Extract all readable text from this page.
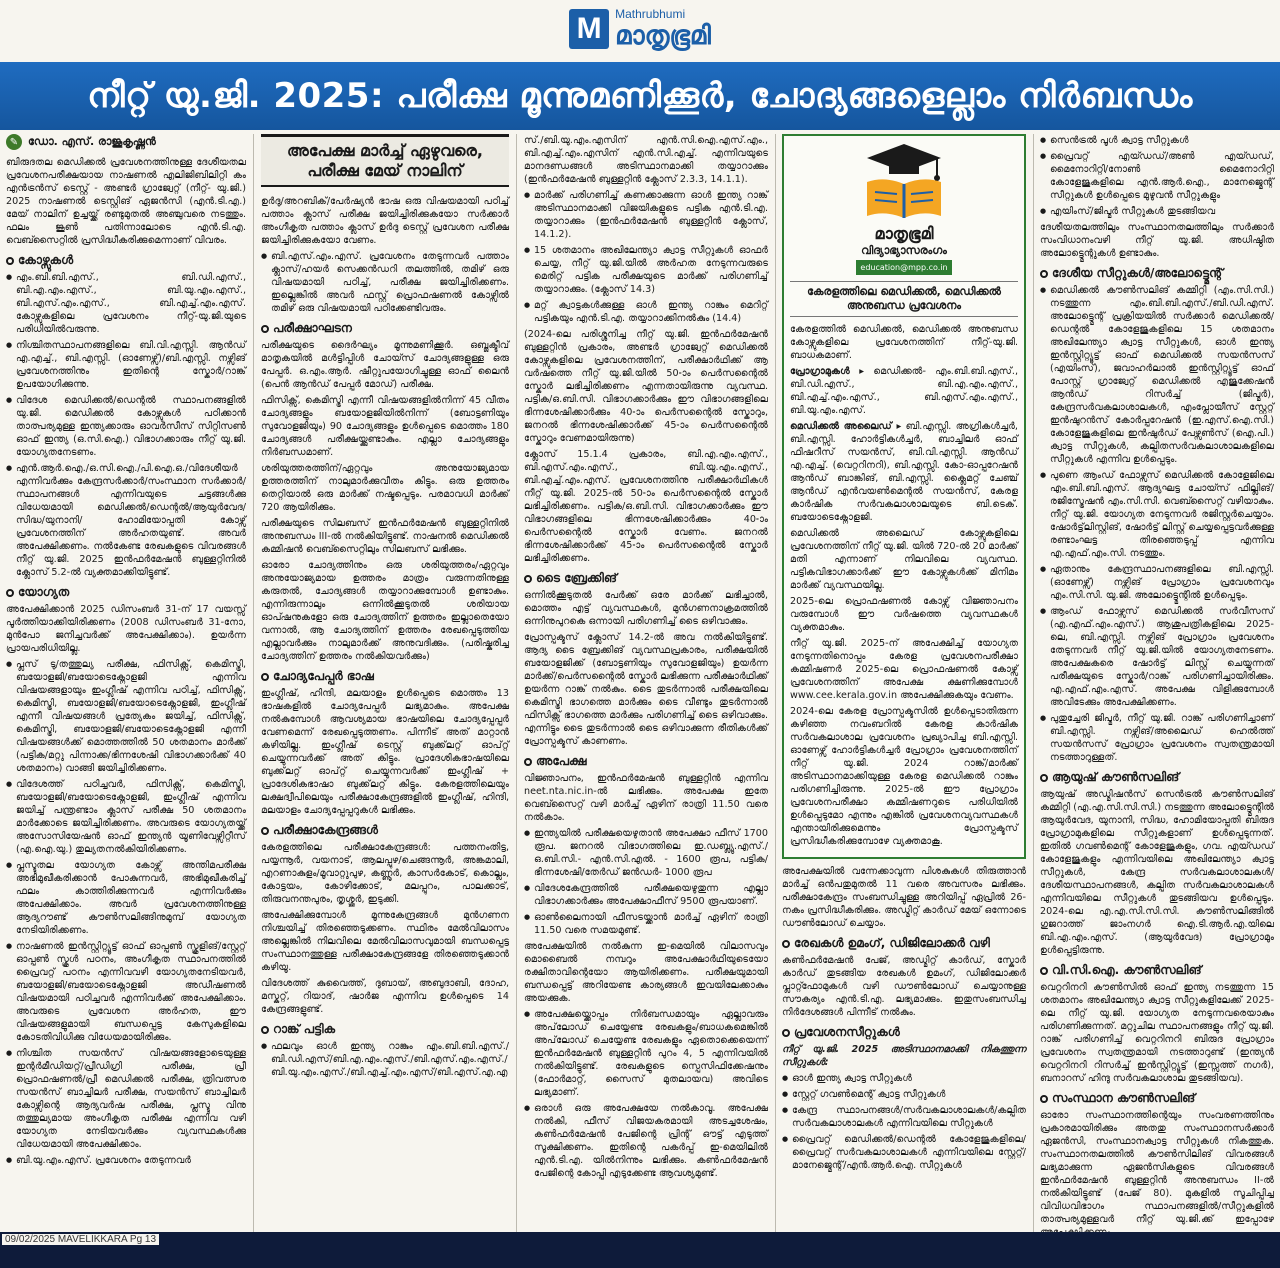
M	Mathrubhumi
മാതൃഭൂമി
നീറ്റ് യു.ജി. 2025: പരീക്ഷ മൂന്നുമണിക്കൂർ, ചോദ്യങ്ങളെല്ലാം നിർബന്ധം
✎ ഡോ. എസ്. രാജൂകൃഷ്ണൻ

ബിരുദതല മെഡിക്കൽ പ്രവേശനത്തിനുള്ള ദേശീയതല പ്രവേശനപരീക്ഷയായ നാഷണൽ എലിജിബിലിറ്റി കം എൻട്രൻസ് ടെസ്റ്റ് - അണ്ടർ ഗ്രാജ്വേറ്റ് (നീറ്റ്- യു.ജി.) 2025 നാഷണൽ ടെസ്റ്റിങ് ഏജൻസി (എൻ.ടി.എ.) മേയ് നാലിന് ഉച്ചയ്ക്ക് രണ്ടുമുതൽ അഞ്ചുവരെ നടത്തും. ഫലം ജൂൺ പതിന്നാലോടെ എൻ.ടി.എ. വെബ്സൈറ്റിൽ പ്രസിദ്ധീകരിക്കുമെന്നാണ് വിവരം.

കോഴ്സുകൾ

● എം.ബി.ബി.എസ്., ബി.ഡി.എസ്., ബി.എ.എം.എസ്., ബി.യു.എം.എസ്., ബി.എസ്.എം.എസ്., ബി.എച്ച്.എം.എസ്. കോഴ്സുകളിലെ പ്രവേശനം നീറ്റ്-യു.ജി.യുടെ പരിധിയിൽവരുന്നു.

● നിശ്ചിതസ്ഥാപനങ്ങളിലെ ബി.വി.എസ്സി. ആൻഡ് എ.എച്ച്., ബി.എസ്സി. (ഓണേഴ്സ്)/ബി.എസ്സി. നഴ്സിങ് പ്രവേശനത്തിനും ഇതിന്റെ സ്കോർ/റാങ്ക് ഉപയോഗിക്കുന്നു.

● വിദേശ മെഡിക്കൽ/ഡെന്റൽ സ്ഥാപനങ്ങളിൽ യു.ജി. മെഡിക്കൽ കോഴ്സുകൾ പഠിക്കാൻ താത്പര്യമുള്ള ഇന്ത്യക്കാരും ഓവർസീസ് സിറ്റിസൺ ഓഫ് ഇന്ത്യ (ഒ.സി.ഐ.) വിഭാഗക്കാരും നീറ്റ് യു.ജി. യോഗ്യതനേടണം.

● എൻ.ആർ.ഐ./ഒ.സി.ഐ./പി.ഐ.ഒ./വിദേശീയർ എന്നിവർക്കും കേന്ദ്രസർക്കാർ/സംസ്ഥാന സർക്കാർ/സ്ഥാപനങ്ങൾ എന്നിവയുടെ ചട്ടങ്ങൾക്കു വിധേയമായി മെഡിക്കൽ/ഡെന്റൽ/ആയുർവേദ/സിദ്ധ/യുനാനി/ ഹോമിയോപ്പതി കോഴ്സ് പ്രവേശനത്തിന് അർഹതയുണ്ട്. അവർ അപേക്ഷിക്കണം. നൽകേണ്ട രേഖകളുടെ വിവരങ്ങൾ നീറ്റ് യു.ജി. 2025 ഇൻഫർമേഷൻ ബുള്ളറ്റിനിൽ ക്ലോസ് 5.2-ൽ വ്യക്തമാക്കിയിട്ടുണ്ട്.

യോഗ്യത

അപേക്ഷിക്കാൻ 2025 ഡിസംബർ 31-ന് 17 വയസ്സ് പൂർത്തിയാക്കിയിരിക്കണം (2008 ഡിസംബർ 31-നോ, മുൻപോ ജനിച്ചവർക്ക് അപേക്ഷിക്കാം). ഉയർന്ന പ്രായപരിധിയില്ല.

● പ്ലസ് ടു/തത്തുല്യ പരീക്ഷ, ഫിസിക്സ്, കെമിസ്ട്രി, ബയോളജി/ബയോടെക്നോളജി എന്നിവ വിഷയങ്ങളായും ഇംഗ്ലീഷ് എന്നിവ പഠിച്ച്, ഫിസിക്സ്, കെമിസ്ട്രി, ബയോളജി/ബയോടെക്നോളജി, ഇംഗ്ലീഷ് എന്നീ വിഷയങ്ങൾ പ്രത്യേകം ജയിച്ച്, ഫിസിക്സ്, കെമിസ്ട്രി, ബയോളജി/ബയോടെക്നോളജി എന്നീ വിഷയങ്ങൾക്ക് മൊത്തത്തിൽ 50 ശതമാനം മാർക്ക് (പട്ടിക/മറ്റു പിന്നാക്ക/ഭിന്നശേഷി വിഭാഗക്കാർക്ക് 40 ശതമാനം) വാങ്ങി ജയിച്ചിരിക്കണം.

● വിദേശത്ത് പഠിച്ചവർ, ഫിസിക്സ്, കെമിസ്ട്രി, ബയോളജി/ബയോടെക്നോളജി, ഇംഗ്ലീഷ് എന്നിവ ജയിച്ച് പന്ത്രണ്ടാം ക്ലാസ് പരീക്ഷ 50 ശതമാനം മാർക്കോടെ ജയിച്ചിരിക്കണം. അവരുടെ യോഗ്യതയ്ക്ക് അസോസിയേഷൻ ഓഫ് ഇന്ത്യൻ യൂണിവേഴ്സിറ്റീസ് (എ.ഐ.യു.) തുല്യതനൽകിയിരിക്കണം.

● പ്ലസ്ടുതല യോഗ്യത കോഴ്സ് അന്തിമപരീക്ഷ അഭിമുഖീകരിക്കാൻ പോകുന്നവർ, അഭിമുഖീകരിച്ച് ഫലം കാത്തിരിക്കുന്നവർ എന്നിവർക്കും അപേക്ഷിക്കാം. അവർ പ്രവേശനത്തിനുള്ള ആദ്യറൗണ്ട് കൗൺസലിങ്ങിനുമുമ്പ് യോഗ്യത നേടിയിരിക്കണം.

● നാഷണൽ ഇൻസ്റ്റിറ്റ്യൂട്ട് ഓഫ് ഓപ്പൺ സ്കൂളിങ്/സ്റ്റേറ്റ് ഓപ്പൺ സ്കൂൾ പഠനം, അംഗീകൃത സ്ഥാപനത്തിൽ പ്രൈവറ്റ് പഠനം എന്നിവവഴി യോഗ്യതനേടിയവർ, ബയോളജി/ബയോടെക്നോളജി അഡീഷണൽ വിഷയമായി പഠിച്ചവർ എന്നിവർക്ക് അപേക്ഷിക്കാം. അവരുടെ പ്രവേശന അർഹത, ഈ വിഷയങ്ങളുമായി ബന്ധപ്പെട്ട കേസുകളിലെ കോടതിവിധിക്കു വിധേയമായിരിക്കും.

● നിശ്ചിത സയൻസ് വിഷയങ്ങളോടെയുള്ള ഇന്റർമീഡിയറ്റ്/പ്രീഡിഗ്രി പരീക്ഷ, പ്രീ പ്രൊഫഷണൽ/പ്രീ മെഡിക്കൽ പരീക്ഷ, ത്രിവത്സര സയൻസ് ബാച്ചിലർ പരീക്ഷ, സയൻസ് ബാച്ചിലർ കോഴ്സിന്റെ ആദ്യവർഷ പരീക്ഷ, പ്ലസ്ടു വിനു തത്തുല്യമായ അംഗീകൃത പരീക്ഷ എന്നിവ വഴി യോഗ്യത നേടിയവർക്കും വ്യവസ്ഥകൾക്കു വിധേയമായി അപേക്ഷിക്കാം.

● ബി.യു.എം.എസ്. പ്രവേശനം തേടുന്നവർ

അപേക്ഷ മാർച്ച് ഏഴുവരെ, പരീക്ഷ മേയ് നാലിന്

ഉർദു/അറബിക്/പേർഷ്യൻ ഭാഷ ഒരു വിഷയമായി പഠിച്ച് പത്താം ക്ലാസ് പരീക്ഷ ജയിച്ചിരിക്കുകയോ സർക്കാർ അംഗീകൃത പത്താം ക്ലാസ് ഉർദു ടെസ്റ്റ് പ്രവേശന പരീക്ഷ ജയിച്ചിരിക്കുകയോ വേണം.

● ബി.എസ്.എം.എസ്. പ്രവേശനം തേടുന്നവർ പത്താം ക്ലാസ്/ഹയർ സെക്കൻഡറി തലത്തിൽ, തമിഴ് ഒരു വിഷയമായി പഠിച്ച്, പരീക്ഷ ജയിച്ചിരിക്കണം. ഇല്ലെങ്കിൽ അവർ ഫസ്റ്റ് പ്രൊഫഷണൽ കോഴ്സിൽ തമിഴ് ഒരു വിഷയമായി പഠിക്കേണ്ടിവരും.

പരീക്ഷാഘടന

പരീക്ഷയുടെ ദൈർഘ്യം മൂന്നുമണിക്കൂർ. ഒബ്ജക്ടീവ് മാതൃകയിൽ മൾട്ടിപ്പിൾ ചോയ്സ് ചോദ്യങ്ങളുള്ള ഒരു പേപ്പർ. ഒ.എം.ആർ. ഷീറ്റുപയോഗിച്ചുള്ള ഓഫ് ലൈൻ (പെൻ ആൻഡ് പേപ്പർ മോഡ്) പരീക്ഷ.

ഫിസിക്സ്, കെമിസ്ട്രി എന്നീ വിഷയങ്ങളിൽനിന്ന് 45 വീതം ചോദ്യങ്ങളും ബയോളജിയിൽനിന്ന് (ബോട്ടണിയും സുവോളജിയും) 90 ചോദ്യങ്ങളും ഉൾപ്പെടെ മൊത്തം 180 ചോദ്യങ്ങൾ പരീക്ഷയ്ക്കുണ്ടാകും. എല്ലാ ചോദ്യങ്ങളും നിർബന്ധമാണ്.

ശരിയുത്തരത്തിന്/ഏറ്റവും അനുയോജ്യമായ ഉത്തരത്തിന് നാലുമാർക്കുവീതം കിട്ടും. ഒരു ഉത്തരം തെറ്റിയാൽ ഒരു മാർക്ക് നഷ്ടപ്പെടും. പരമാവധി മാർക്ക് 720 ആയിരിക്കും.

പരീക്ഷയുടെ സിലബസ് ഇൻഫർമേഷൻ ബുള്ളറ്റിനിൽ അനുബന്ധം III-ൽ നൽകിയിട്ടുണ്ട്. നാഷനൽ മെഡിക്കൽ കമ്മിഷൻ വെബ്സൈറ്റിലും സിലബസ് ലഭിക്കും.

ഓരോ ചോദ്യത്തിനും ഒരു ശരിയുത്തരം/ഏറ്റവും അനുയോജ്യമായ ഉത്തരം മാത്രം വരുന്നതിനുള്ള കരുതൽ, ചോദ്യങ്ങൾ തയ്യാറാക്കുമ്പോൾ ഉണ്ടാകും. എന്നിരുന്നാലും ഒന്നിൽക്കൂടുതൽ ശരിയായ ഓപ്ഷനുകളോ ഒരു ചോദ്യത്തിന് ഉത്തരം ഇല്ലാതെയോ വന്നാൽ, ആ ചോദ്യത്തിന് ഉത്തരം രേഖപ്പെടുത്തിയ എല്ലാവർക്കും നാലുമാർക്ക് അനുവദിക്കും. (പരിഷ്കരിച്ച ചോദ്യത്തിന് ഉത്തരം നൽകിയവർക്കും)

ചോദ്യപേപ്പർ ഭാഷ

ഇംഗ്ലീഷ്, ഹിന്ദി, മലയാളം ഉൾപ്പെടെ മൊത്തം 13 ഭാഷകളിൽ ചോദ്യപേപ്പർ ലഭ്യമാകും. അപേക്ഷ നൽകുമ്പോൾ ആവശ്യമായ ഭാഷയിലെ ചോദ്യപ്പേപ്പർ വേണമെന്ന് രേഖപ്പെടുത്തണം. പിന്നീട് അത് മാറ്റാൻ കഴിയില്ല. ഇംഗ്ലീഷ് ടെസ്റ്റ് ബുക്ക്‌ലറ്റ് ഓപ്റ്റ് ചെയ്യുന്നവർക്ക് അത് കിട്ടും. പ്രാദേശികഭാഷയിലെ ബുക്ക്‌ലറ്റ് ഓപ്റ്റ് ചെയ്യുന്നവർക്ക് ഇംഗ്ലീഷ് + പ്രാദേശികഭാഷാ ബുക്ക്‌ലറ്റ് കിട്ടും. കേരളത്തിലെയും ലക്ഷദ്വീപിലെയും പരീക്ഷാകേന്ദ്രങ്ങളിൽ ഇംഗ്ലീഷ്, ഹിന്ദി, മലയാളം ചോദ്യപ്പേപ്പറുകൾ ലഭിക്കും.

പരീക്ഷാകേന്ദ്രങ്ങൾ

കേരളത്തിലെ പരീക്ഷാകേന്ദ്രങ്ങൾ: പത്തനംതിട്ട, പയ്യന്നൂർ, വയനാട്, ആലപ്പുഴ/ചെങ്ങന്നൂർ, അങ്കമാലി, എറണാകുളം/മൂവാറ്റുപുഴ, കണ്ണൂർ, കാസർകോട്, കൊല്ലം, കോട്ടയം, കോഴിക്കോട്, മലപ്പുറം, പാലക്കാട്, തിരുവനന്തപുരം, തൃശ്ശൂർ, ഇടുക്കി.

അപേക്ഷിക്കുമ്പോൾ മൂന്നുകേന്ദ്രങ്ങൾ മുൻഗണന നിശ്ചയിച്ച് തിരഞ്ഞെടുക്കണം. സ്ഥിരം മേൽവിലാസം അല്ലെങ്കിൽ നിലവിലെ മേൽവിലാസവുമായി ബന്ധപ്പെട്ട സംസ്ഥാനത്തുള്ള പരീക്ഷാകേന്ദ്രങ്ങളേ തിരഞ്ഞെടുക്കാൻ കഴിയൂ.

വിദേശത്ത് കുവൈത്ത്, ദുബായ്, അബുദാബി, ദോഹ, മസ്കറ്റ്, റിയാദ്, ഷാർജ എന്നിവ ഉൾപ്പെടെ 14 കേന്ദ്രങ്ങളുണ്ട്.

റാങ്ക് പട്ടിക

● ഫലവും ഓൾ ഇന്ത്യ റാങ്കും എം.ബി.ബി.എസ്./ബി.ഡി.എസ്/ബി.എ.എം.എസ്./ബി.എസ്.എം.എസ്./ബി.യു.എം.എസ്./ബി.എച്ച്.എം.എസ്/ബി.എസ്.എ.എ

സ്./ബി.യു.എം.എസിന് എൻ.സി.ഐ.എസ്.എം., ബി.എച്ച്.എം.എസിന് എൻ.സി.എച്ച്. എന്നിവയുടെ മാനദണ്ഡങ്ങൾ അടിസ്ഥാനമാക്കി തയ്യാറാക്കും (ഇൻഫർമേഷൻ ബുള്ളറ്റിൻ ക്ലോസ് 2.3.3, 14.1.1).

● മാർക്ക് പരിഗണിച്ച് കണക്കാക്കുന്ന ഓൾ ഇന്ത്യ റാങ്ക് അടിസ്ഥാനമാക്കി വിജയികളുടെ പട്ടിക എൻ.ടി.എ. തയ്യാറാക്കും (ഇൻഫർമേഷൻ ബുള്ളറ്റിൻ ക്ലോസ്, 14.1.2).

● 15 ശതമാനം അഖിലേന്ത്യാ ക്വാട്ട സീറ്റുകൾ ഓഫർ ചെയ്യ, നീറ്റ് യു.ജി.യിൽ അർഹത നേടുന്നവരുടെ മെരിറ്റ് പട്ടിക പരീക്ഷയുടെ മാർക്ക് പരിഗണിച്ച് തയ്യാറാക്കും. (ക്ലോസ് 14.3)

● മറ്റ് ക്വാട്ടകൾക്കുള്ള ഓൾ ഇന്ത്യ റാങ്കും മെറിറ്റ് പട്ടികയും എൻ.ടി.എ. തയ്യാറാക്കിനൽകും (14.4)

(2024-ലെ പരിശ്ശനിച്ച നീറ്റ് യു.ജി. ഇൻഫർമേഷൻ ബുള്ളറ്റിൻ പ്രകാരം, അണ്ടർ ഗ്രാജ്വേറ്റ് മെഡിക്കൽ കോഴ്സുകളിലെ പ്രവേശനത്തിന്, പരീക്ഷാർഥിക്ക് ആ വർഷത്തെ നീറ്റ് യു.ജി.യിൽ 50-ാം പെർസന്റൈൽ സ്കോർ ലഭിച്ചിരിക്കണം എന്നതായിരുന്നു വ്യവസ്ഥ. പട്ടിക/ഒ.ബി.സി. വിഭാഗക്കാർക്കും ഈ വിഭാഗങ്ങളിലെ ഭിന്നശേഷിക്കാർക്കും 40-ാം പെർസന്റൈൽ സ്കോറും, ജനറൽ ഭിന്നശേഷിക്കാർക്ക് 45-ാം പെർസന്റൈൽ സ്കോറും വേണമായിരുന്നു)

ക്ലോസ് 15.1.4 പ്രകാരം, ബി.എ.എം.എസ്., ബി.എസ്.എം.എസ്., ബി.യു.എം.എസ്., ബി.എച്ച്.എം.എസ്. പ്രവേശനത്തിനു പരീക്ഷാർഥികൾ നീറ്റ് യു.ജി. 2025-ൽ 50-ാം പെർസന്റൈൽ സ്കോർ ലഭിച്ചിരിക്കണം. പട്ടിക/ഒ.ബി.സി. വിഭാഗക്കാർക്കും ഈ വിഭാഗങ്ങളിലെ ഭിന്നശേഷിക്കാർക്കും 40-ാം പെർസന്റൈൽ സ്കോർ വേണം. ജനറൽ ഭിന്നശേഷിക്കാർക്ക് 45-ാം പെർസന്റൈൽ സ്കോർ ലഭിച്ചിരിക്കണം.

ടൈ ബ്രേക്കിങ്

ഒന്നിൽക്കൂടുതൽ പേർക്ക് ഒരേ മാർക്ക് ലഭിച്ചാൽ, മൊത്തം എട്ട് വ്യവസ്ഥകൾ, മുൻഗണനാക്രമത്തിൽ ഒന്നിനുപുറകെ ഒന്നായി പരിഗണിച്ച് ടൈ ഒഴിവാക്കും.

പ്രോസ്പക്ടസ് ക്ലോസ് 14.2-ൽ അവ നൽകിയിട്ടുണ്ട്. ആദ്യ ടൈ ബ്രേക്കിങ് വ്യവസ്ഥപ്രകാരം, പരീക്ഷയിൽ ബയോളജിക്ക് (ബോട്ടണിയും സുവോളജിയും) ഉയർന്ന മാർക്ക്/പെർസന്റൈൽ സ്കോർ ലഭിക്കുന്ന പരീക്ഷാർഥിക്ക് ഉയർന്ന റാങ്ക് നൽകും. ടൈ തുടർന്നാൽ പരീക്ഷയിലെ കെമിസ്ട്രി ഭാഗത്തെ മാർക്കും ടൈ വീണ്ടും തുടർന്നാൽ ഫിസിക്സ് ഭാഗത്തെ മാർക്കും പരിഗണിച്ച് ടൈ ഒഴിവാക്കും. എന്നിട്ടും ടൈ തുടർന്നാൽ ടൈ ഒഴിവാക്കുന്ന രീതികൾക്ക് പ്രോസ്പക്ടസ് കാണണം.

അപേക്ഷ

വിജ്ഞാപനം, ഇൻഫർമേഷൻ ബുള്ളറ്റിൻ എന്നിവ neet.nta.nic.in-ൽ ലഭിക്കും. അപേക്ഷ ഇതേ വെബ്സൈറ്റ് വഴി മാർച്ച് ഏഴിന് രാത്രി 11.50 വരെ നൽകാം.

● ഇന്ത്യയിൽ പരീക്ഷയെഴുതാൻ അപേക്ഷാ ഫീസ് 1700 രൂപ. ജനറൽ വിഭാഗത്തിലെ ഇ.ഡബ്ല്യു.എസ്./ഒ.ബി.സി.- എൻ.സി.എൽ. - 1600 രൂപ, പട്ടിക/ഭിന്നശേഷി/തേർഡ് ജൻഡർ- 1000 രൂപ

● വിദേശകേന്ദ്രത്തിൽ പരീക്ഷയെഴുതുന്ന എല്ലാ വിഭാഗക്കാർക്കും അപേക്ഷാഫീസ് 9500 രൂപയാണ്.

● ഓൺലൈനായി ഫീസടയ്ക്കാൻ മാർച്ച് ഏഴിന് രാത്രി 11.50 വരെ സമയമുണ്ട്.

അപേക്ഷയിൽ നൽകുന്ന ഇ-മെയിൽ വിലാസവും മൊബൈൽ നമ്പറും അപേക്ഷാർഥിയുടെയോ രക്ഷിതാവിന്റെയോ ആയിരിക്കണം. പരീക്ഷയുമായി ബന്ധപ്പെട്ട് അറിയേണ്ട കാര്യങ്ങൾ ഇവയിലേക്കാകും അയക്കുക.

● അപേക്ഷയ്ക്കൊപ്പം നിർബന്ധമായും ഏല്ലാവരും അപ്‌ലോഡ് ചെയ്യേണ്ട രേഖകളും/ബാധകമെങ്കിൽ അപ്‌ലോഡ് ചെയ്യേണ്ട രേഖകളും ഏതൊക്കെയെന്ന് ഇൻഫർമേഷൻ ബുള്ളറ്റിൻ പുറം 4, 5 എന്നിവയിൽ നൽകിയിട്ടുണ്ട്. രേഖകളുടെ സ്പെസിഫിക്കേഷനും (ഫോർമാറ്റ്, സൈസ് മുതലായവ) അവിടെ ലഭ്യമാണ്.

● ഒരാൾ ഒരു അപേക്ഷയേ നൽകാവൂ. അപേക്ഷ നൽകി, ഫീസ് വിജയകരമായി അടച്ചശേഷം, കൺഫർമേഷൻ പേജിന്റെ പ്രിന്റ് ഔട്ട് എടുത്ത് സൂക്ഷിക്കണം. ഇതിന്റെ പകർപ്പ് ഇ-മെയിലിൽ എൻ.ടി.എ. യിൽനിന്നും ലഭിക്കും. കൺഫർമേഷൻ പേജിന്റെ കോപ്പി എടുക്കേണ്ട ആവശ്യമുണ്ട്.

മാതൃഭൂമി
വിദ്യാഭ്യാസരംഗം
education@mpp.co.in
കേരളത്തിലെ മെഡിക്കൽ, മെഡിക്കൽ അനുബന്ധ പ്രവേശനം

കേരളത്തിൽ മെഡിക്കൽ, മെഡിക്കൽ അനുബന്ധ കോഴ്സുകളിലെ പ്രവേശനത്തിന് നീറ്റ്-യു.ജി. ബാധകമാണ്.

പ്രോഗ്രാമുകൾ ▸ മെഡിക്കൽ- എം.ബി.ബി.എസ്., ബി.ഡി.എസ്., ബി.എ.എം.എസ്., ബി.എച്ച്.എം.എസ്., ബി.എസ്.എം.എസ്., ബി.യു.എം.എസ്.

മെഡിക്കൽ അലൈഡ് ▸ ബി.എസ്സി. അഗ്രികൾച്ചർ, ബി.എസ്സി. ഹോർട്ടികൾച്ചർ, ബാച്ചിലർ ഓഫ് ഫിഷറീസ് സയൻസ്, ബി.വി.എസ്സി. ആൻഡ് എ.എച്ച്. (വെറ്ററിനറി), ബി.എസ്സി. കോ-ഓപ്പറേഷൻ ആൻഡ് ബാങ്കിങ്, ബി.എസ്സി. ക്ലൈമറ്റ് ചേഞ്ച് ആൻഡ് എൻവയൺമെന്റൽ സയൻസ്, കേരള കാർഷിക സർവകലാശാലയുടെ ബി.ടെക്. ബയോടെക്നോളജി.

മെഡിക്കൽ അലൈഡ് കോഴ്സുകളിലെ പ്രവേശനത്തിന് നീറ്റ് യു.ജി. യിൽ 720-ൽ 20 മാർക്ക് മതി എന്നാണ് നിലവിലെ വ്യവസ്ഥ. പട്ടികവിഭാഗക്കാർക്ക് ഈ കോഴ്സുകൾക്ക് മിനിമം മാർക്ക് വ്യവസ്ഥയില്ല.

2025-ലെ പ്രൊഫഷണൽ കോഴ്സ് വിജ്ഞാപനം വരുമ്പോൾ ഈ വർഷത്തെ വ്യവസ്ഥകൾ വ്യക്തമാകും.

നീറ്റ് യു.ജി. 2025-ന് അപേക്ഷിച്ച് യോഗ്യത നേടുന്നതിനൊപ്പം കേരള പ്രവേശനപരീക്ഷാ കമ്മിഷണർ 2025-ലെ പ്രൊഫഷണൽ കോഴ്സ് പ്രവേശനത്തിന് അപേക്ഷ ക്ഷണിക്കുമ്പോൾ www.cee.kerala.gov.in അപേക്ഷിക്കുകയും വേണം.

2024-ലെ കേരള പ്രോസ്പക്ടസിൽ ഉൾപ്പെടാതിരുന്ന കഴിഞ്ഞ നവംബറിൽ കേരള കാർഷിക സർവകലാശാല പ്രവേശനം പ്രഖ്യാപിച്ച ബി.എസ്സി. ഓണേഴ്സ് ഹോർട്ടികൾച്ചർ പ്രോഗ്രാം പ്രവേശനത്തിന് നീറ്റ് യു.ജി. 2024 റാങ്ക്/മാർക്ക് അടിസ്ഥാനമാക്കിയുള്ള കേരള മെഡിക്കൽ റാങ്കും പരിഗണിച്ചിരുന്നു. 2025-ൽ ഈ പ്രോഗ്രാം പ്രവേശനപരീക്ഷാ കമ്മിഷണറുടെ പരിധിയിൽ ഉൾപ്പെടുമോ എന്നും എങ്കിൽ പ്രവേശനവ്യവസ്ഥകൾ എന്തായിരിക്കുമെന്നും പ്രോസ്പക്ടസ് പ്രസിദ്ധീകരിക്കുമ്പോഴേ വ്യക്തമാകൂ.

അപേക്ഷയിൽ വന്നേക്കാവുന്ന പിശകുകൾ തിരുത്താൻ മാർച്ച് ഒൻപതുമുതൽ 11 വരെ അവസരം ലഭിക്കും. പരീക്ഷാകേന്ദ്രം സംബന്ധിച്ചുള്ള അറിയിപ്പ് ഏപ്രിൽ 26-നകം പ്രസിദ്ധീകരിക്കും. അഡ്മിറ്റ് കാർഡ് മേയ് ഒന്നോടെ ഡൗൺലോഡ് ചെയ്യാം.

രേഖകൾ ഉമംഗ്, ഡിജിലോക്കർ വഴി

കൺഫർമേഷൻ പേജ്, അഡ്മിറ്റ് കാർഡ്, സ്കോർ കാർഡ് തുടങ്ങിയ രേഖകൾ ഉമംഗ്, ഡിജിലോക്കർ പ്ലാറ്റ്ഫോമുകൾ വഴി ഡൗൺലോഡ് ചെയ്യാനുള്ള സൗകര്യം എൻ.ടി.എ. ലഭ്യമാക്കും. ഇതുസംബന്ധിച്ച നിർദേശങ്ങൾ പിന്നീട് നൽകും.

പ്രവേശനസീറ്റുകൾ

നീറ്റ് യു.ജി. 2025 അടിസ്ഥാനമാക്കി നികത്തുന്ന സീറ്റുകൾ:

● ഓൾ ഇന്ത്യ ക്വാട്ട സീറ്റുകൾ

● സ്റ്റേറ്റ് ഗവൺമെന്റ് ക്വാട്ട സീറ്റുകൾ

● കേന്ദ്ര സ്ഥാപനങ്ങൾ/സർവകലാശാലകൾ/കല്പിത സർവകലാശാലകൾ എന്നിവയിലെ സീറ്റുകൾ

● പ്രൈവറ്റ് മെഡിക്കൽ/ഡെന്റൽ കോളേജുകളിലെ/പ്രൈവറ്റ് സർവകലാശാലകൾ എന്നിവയിലെ സ്റ്റേറ്റ്/മാനേജ്മെന്റ്/എൻ.ആർ.ഐ. സീറ്റുകൾ

● സെൻട്രൽ പൂൾ ക്വാട്ട സീറ്റുകൾ

● പ്രൈവറ്റ് എയ്ഡഡ്/അൺ എയ്ഡഡ്, മൈനോറിറ്റി/നോൺ മൈനോറിറ്റി കോളേജുകളിലെ എൻ.ആർ.ഐ., മാനേജ്മെന്റ് സീറ്റുകൾ ഉൾപ്പെടെ മുഴുവൻ സീറ്റുകളും

● എയിംസ്/ജിപ്മർ സീറ്റുകൾ തുടങ്ങിയവ

ദേശീയതലത്തിലും സംസ്ഥാനതലത്തിലും സർക്കാർ സംവിധാനംവഴി നീറ്റ് യു.ജി. അധിഷ്ഠിത അലോട്ട്മെന്റുകൾ ഉണ്ടാകും.

ദേശീയ സീറ്റുകൾ/അലോട്ട്മെന്റ്

● മെഡിക്കൽ കൗൺസലിങ് കമ്മിറ്റി (എം.സി.സി.) നടത്തുന്ന എം.ബി.ബി.എസ്./ബി.ഡി.എസ്. അലോട്ട്മെന്റ് പ്രക്രിയയിൽ സർക്കാർ മെഡിക്കൽ/ഡെന്റൽ കോളേജുകളിലെ 15 ശതമാനം അഖിലേന്ത്യാ ക്വാട്ട സീറ്റുകൾ, ഓൾ ഇന്ത്യ ഇൻസ്റ്റിറ്റ്യൂട്ട് ഓഫ് മെഡിക്കൽ സയൻസസ് (എയിംസ്), ജവാഹർലാൽ ഇൻസ്റ്റിറ്റ്യൂട്ട് ഓഫ് പോസ്റ്റ് ഗ്രാജ്വേറ്റ് മെഡിക്കൽ എജുക്കേഷൻ ആൻഡ് റിസർച്ച് (ജിപ്മർ), കേന്ദ്രസർവകലാശാലകൾ, എംപ്ലോയീസ് സ്റ്റേറ്റ് ഇൻഷുറൻസ് കോർപ്പറേഷൻ (ഇ.എസ്.ഐ.സി.) കോളേജുകളിലെ ഇൻഷുർഡ് പേഴ്സൺസ് (ഐ.പി.) ക്വാട്ട സീറ്റുകൾ, കല്പിതസർവകലാശാലകളിലെ സീറ്റുകൾ എന്നിവ ഉൾപ്പെടും.

● പുണെ ആംഡ് ഫോഴ്സസ് മെഡിക്കൽ കോളേജിലെ എം.ബി.ബി.എസ്. ആദ്യഘട്ട ചോയ്സ് ഫില്ലിങ്/രജിസ്ട്രേഷൻ എം.സി.സി. വെബ്സൈറ്റ് വഴിയാകും. നീറ്റ് യു.ജി. യോഗ്യത നേടുന്നവർ രജിസ്റ്റർചെയ്യാം. ഷോർട്ട്‌ലിസ്റ്റിങ്, ഷോർട്ട് ലിസ്റ്റ് ചെയ്യപ്പെട്ടവർക്കുള്ള രണ്ടാംഘട്ട തിരഞ്ഞെടുപ്പ് എന്നിവ എ.എഫ്.എം.സി. നടത്തും.

● ഏതാനും കേന്ദ്രസ്ഥാപനങ്ങളിലെ ബി.എസ്സി. (ഓണേഴ്സ്) നഴ്സിങ് പ്രോഗ്രാം പ്രവേശനവും എം.സി.സി. യു.ജി. അലോട്ട്മെന്റിൽ ഉൾപ്പെടും.

● ആംഡ് ഫോഴ്സസ് മെഡിക്കൽ സർവീസസ് (എ.എഫ്.എം.എസ്.) ആശുപത്രികളിലെ 2025-ലെ, ബി.എസ്സി. നഴ്സിങ് പ്രോഗ്രാം പ്രവേശനം തേടുന്നവർ നീറ്റ് യു.ജി.യിൽ യോഗ്യതനേടണം. അപേക്ഷകരെ ഷോർട്ട് ലിസ്റ്റ് ചെയ്യുന്നത് പരീക്ഷയുടെ സ്കോർ/റാങ്ക് പരിഗണിച്ചായിരിക്കും. എ.എഫ്.എം.എസ്. അപേക്ഷ വിളിക്കുമ്പോൾ അവിടേക്കും അപേക്ഷിക്കണം.

● പുതുച്ചേരി ജിപ്മർ, നീറ്റ് യു.ജി. റാങ്ക് പരിഗണിച്ചാണ് ബി.എസ്സി. നഴ്സിങ്/അലൈഡ് ഹെൽത്ത് സയൻസസ് പ്രോഗ്രാം പ്രവേശനം സ്വതന്ത്രമായി നടത്താറുള്ളത്.

ആയുഷ് കൗൺസലിങ്

ആയുഷ് അഡ്മിഷൻസ് സെൻട്രൽ കൗൺസലിങ് കമ്മിറ്റി (എ.എ.സി.സി.സി.) നടത്തുന്ന അലോട്ട്മെന്റിൽ ആയുർവേദ, യുനാനി, സിദ്ധ, ഹോമിയോപ്പതി ബിരുദ പ്രോഗ്രാമുകളിലെ സീറ്റുകളാണ് ഉൾപ്പെടുന്നത്. ഇതിൽ ഗവൺമെന്റ് കോളേജുകളും, ഗവ. എയ്ഡഡ് കോളേജുകളും എന്നിവയിലെ അഖിലേന്ത്യാ ക്വാട്ട സീറ്റുകൾ, കേന്ദ്ര സർവകലാശാലകൾ/ദേശീയസ്ഥാപനങ്ങൾ, കല്പിത സർവകലാശാലകൾ എന്നിവയിലെ സീറ്റുകൾ തുടങ്ങിയവ ഉൾപ്പെടും. 2024-ലെ എ.എ.സി.സി.സി. കൗൺസലിങ്ങിൽ ഗുജറാത്ത് ജാംനഗർ ഐ.ടി.ആർ.എ.യിലെ ബി.എ.എം.എസ്. (ആയുർവേദ) പ്രോഗ്രാമും ഉൾപ്പെട്ടിരുന്നു.

വി.സി.ഐ. കൗൺസലിങ്

വെറ്ററിനറി കൗൺസിൽ ഓഫ് ഇന്ത്യ നടത്തുന്ന 15 ശതമാനം അഖിലേന്ത്യാ ക്വാട്ട സീറ്റുകളിലേക്ക് 2025-ലെ നീറ്റ് യു.ജി. യോഗ്യത നേടുന്നവരെയാകും പരിഗണിക്കുന്നത്. മറ്റുചില സ്ഥാപനങ്ങളും നീറ്റ് യു.ജി. റാങ്ക് പരിഗണിച്ച് വെറ്ററിനറി ബിരുദ പ്രോഗ്രാം പ്രവേശനം സ്വതന്ത്രമായി നടത്താറുണ്ട് (ഇന്ത്യൻ വെറ്ററിനറി റിസർച്ച് ഇൻസ്റ്റിറ്റ്യൂട്ട് (ഇസ്സത്ത് നഗർ), ബനാറസ് ഹിന്ദു സർവകലാശാല തുടങ്ങിയവ).

സംസ്ഥാന കൗൺസലിങ്

ഓരോ സംസ്ഥാനത്തിന്റെയും സംവരണത്തിനും പ്രകാരമായിരിക്കും അതതു സംസ്ഥാനസർക്കാർ ഏജൻസി, സംസ്ഥാനക്വാട്ട സീറ്റുകൾ നികത്തുക. സംസ്ഥാനതലത്തിൽ കൗൺസിലിങ് വിവരങ്ങൾ ലഭ്യമാക്കുന്ന ഏജൻസികളുടെ വിവരങ്ങൾ ഇൻഫർമേഷൻ ബുള്ളറ്റിൻ അനുബന്ധം II-ൽ നൽകിയിട്ടുണ്ട് (പേജ് 80). മുകളിൽ സൂചിപ്പിച്ച വിവിധവിഭാഗം സ്ഥാപനങ്ങളിൽ/സീറ്റുകളിൽ താത്പര്യമുള്ളവർ നീറ്റ് യു.ജി.ക്ക് ഇപ്പോഴേ

09/02/2025 MAVELIKKARA Pg 13
